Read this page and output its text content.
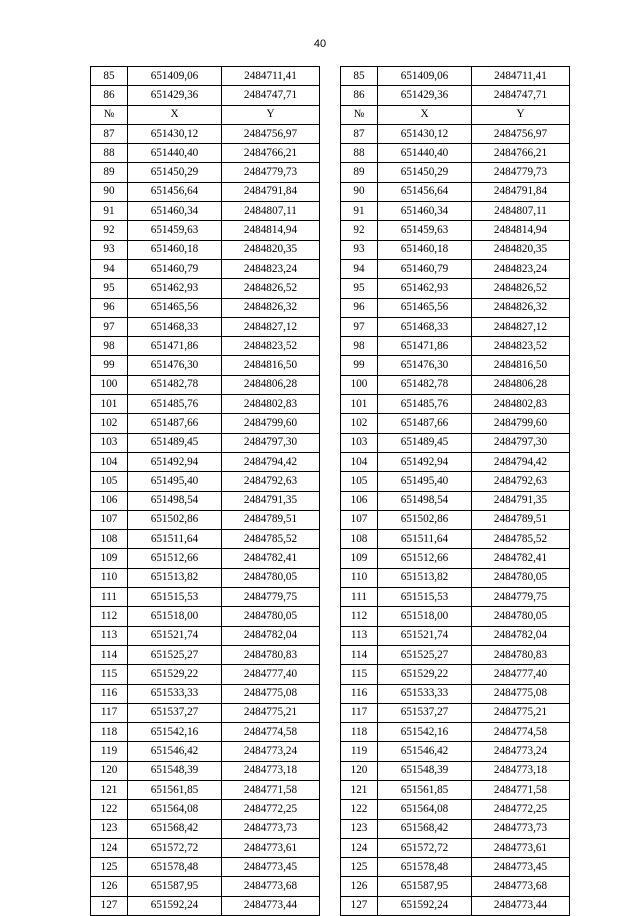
40
85	651409,06	2484711,41		85	651409,06	2484711,41
86	651429,36	2484747,71		86	651429,36	2484747,71
№	X	Y		№	X	Y
87	651430,12	2484756,97		87	651430,12	2484756,97
88	651440,40	2484766,21		88	651440,40	2484766,21
89	651450,29	2484779,73		89	651450,29	2484779,73
90	651456,64	2484791,84		90	651456,64	2484791,84
91	651460,34	2484807,11		91	651460,34	2484807,11
92	651459,63	2484814,94		92	651459,63	2484814,94
93	651460,18	2484820,35		93	651460,18	2484820,35
94	651460,79	2484823,24		94	651460,79	2484823,24
95	651462,93	2484826,52		95	651462,93	2484826,52
96	651465,56	2484826,32		96	651465,56	2484826,32
97	651468,33	2484827,12		97	651468,33	2484827,12
98	651471,86	2484823,52		98	651471,86	2484823,52
99	651476,30	2484816,50		99	651476,30	2484816,50
100	651482,78	2484806,28		100	651482,78	2484806,28
101	651485,76	2484802,83		101	651485,76	2484802,83
102	651487,66	2484799,60		102	651487,66	2484799,60
103	651489,45	2484797,30		103	651489,45	2484797,30
104	651492,94	2484794,42		104	651492,94	2484794,42
105	651495,40	2484792,63		105	651495,40	2484792,63
106	651498,54	2484791,35		106	651498,54	2484791,35
107	651502,86	2484789,51		107	651502,86	2484789,51
108	651511,64	2484785,52		108	651511,64	2484785,52
109	651512,66	2484782,41		109	651512,66	2484782,41
110	651513,82	2484780,05		110	651513,82	2484780,05
111	651515,53	2484779,75		111	651515,53	2484779,75
112	651518,00	2484780,05		112	651518,00	2484780,05
113	651521,74	2484782,04		113	651521,74	2484782,04
114	651525,27	2484780,83		114	651525,27	2484780,83
115	651529,22	2484777,40		115	651529,22	2484777,40
116	651533,33	2484775,08		116	651533,33	2484775,08
117	651537,27	2484775,21		117	651537,27	2484775,21
118	651542,16	2484774,58		118	651542,16	2484774,58
119	651546,42	2484773,24		119	651546,42	2484773,24
120	651548,39	2484773,18		120	651548,39	2484773,18
121	651561,85	2484771,58		121	651561,85	2484771,58
122	651564,08	2484772,25		122	651564,08	2484772,25
123	651568,42	2484773,73		123	651568,42	2484773,73
124	651572,72	2484773,61		124	651572,72	2484773,61
125	651578,48	2484773,45		125	651578,48	2484773,45
126	651587,95	2484773,68		126	651587,95	2484773,68
127	651592,24	2484773,44		127	651592,24	2484773,44
